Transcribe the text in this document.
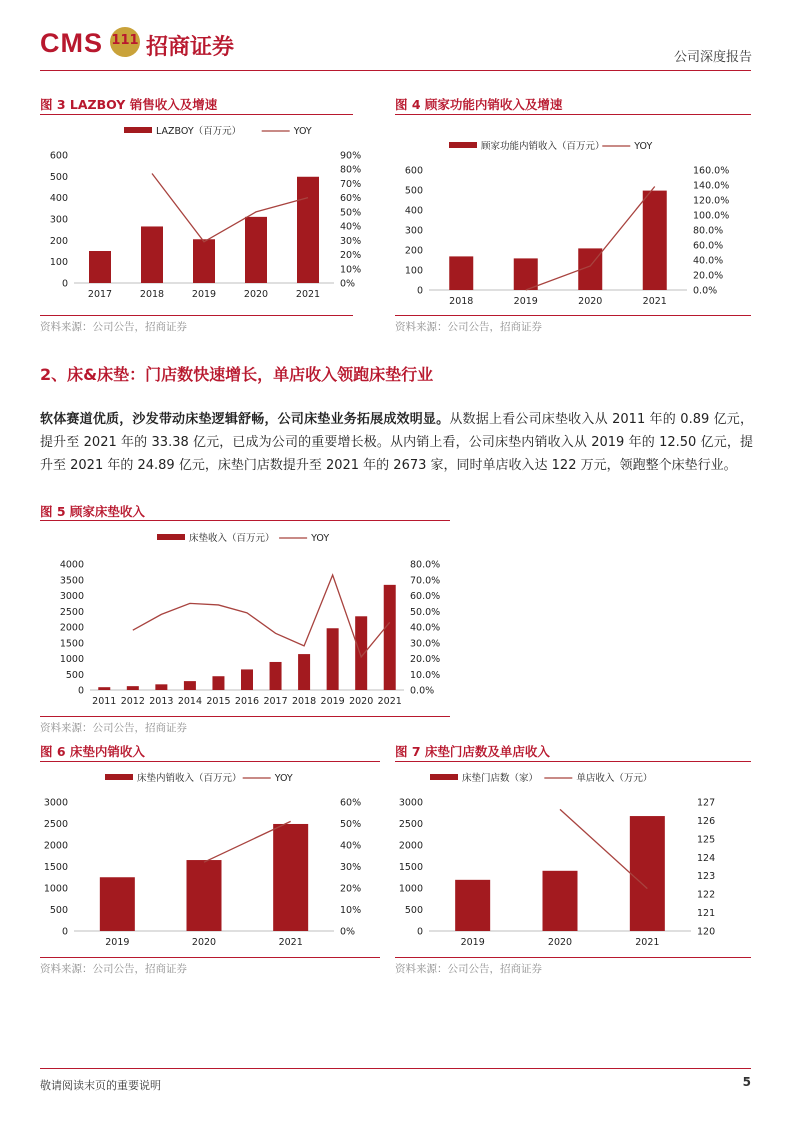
CMS 111 招商证券	公司深度报告
图 3 LAZBOY 销售收入及增速
0
100
200
300
400
500
600
0%
10%
20%
30%
40%
50%
60%
70%
80%
90%
2017	2018	2019	2020	2021
LAZBOY（百万元）	YOY
资料来源：公司公告，招商证券
图 4 顾家功能内销收入及增速
0
100
200
300
400
500
600
0.0%
20.0%
40.0%
60.0%
80.0%
100.0%
120.0%
140.0%
160.0%
2018	2019	2020	2021
顾家功能内销收入（百万元）	YOY
资料来源：公司公告，招商证券
2、床&床垫：门店数快速增长，单店收入领跑床垫行业
软体赛道优质，沙发带动床垫逻辑舒畅，公司床垫业务拓展成效明显。从数据上看公司床垫收入从 2011 年的 0.89 亿元，提升至 2021 年的 33.38 亿元，已成为公司的重要增长极。从内销上看，公司床垫内销收入从 2019 年的 12.50 亿元，提升至 2021 年的 24.89 亿元，床垫门店数提升至 2021 年的 2673 家，同时单店收入达 122 万元，领跑整个床垫行业。
图 5 顾家床垫收入
0
500
1000
1500
2000
2500
3000
3500
4000
0.0%
10.0%
20.0%
30.0%
40.0%
50.0%
60.0%
70.0%
80.0%
2011 2012 2013 2014 2015 2016 2017 2018 2019 2020 2021
床垫收入（百万元）	YOY
资料来源：公司公告，招商证券
图 6 床垫内销收入
0
500
1000
1500
2000
2500
3000
0%
10%
20%
30%
40%
50%
60%
2019	2020	2021
床垫内销收入（百万元）	YOY
资料来源：公司公告，招商证券
图 7 床垫门店数及单店收入
0
500
1000
1500
2000
2500
3000
120
121
122
123
124
125
126
127
2019	2020	2021
床垫门店数（家）	单店收入（万元）
资料来源：公司公告，招商证券
敬请阅读末页的重要说明	5
